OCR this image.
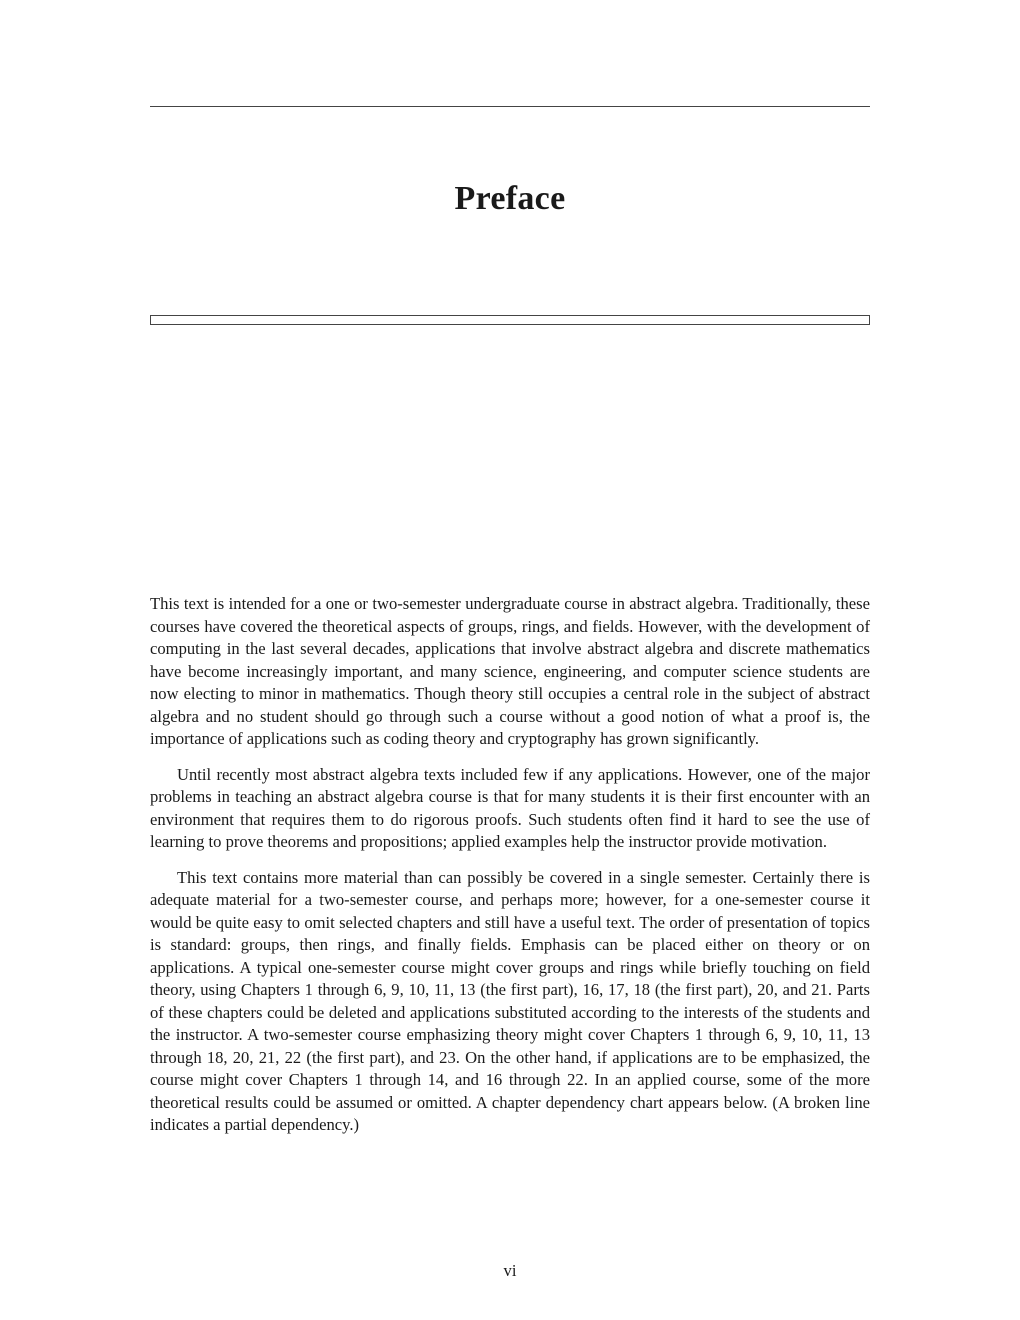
Preface

This text is intended for a one or two-semester undergraduate course in abstract algebra. Traditionally, these courses have covered the theoretical aspects of groups, rings, and fields. However, with the development of computing in the last several decades, applications that involve abstract algebra and discrete mathematics have become increasingly important, and many science, engineering, and computer science students are now electing to minor in mathematics. Though theory still occupies a central role in the subject of abstract algebra and no student should go through such a course without a good notion of what a proof is, the importance of applications such as coding theory and cryptography has grown significantly.

Until recently most abstract algebra texts included few if any applications. However, one of the major problems in teaching an abstract algebra course is that for many students it is their first encounter with an environment that requires them to do rigorous proofs. Such students often find it hard to see the use of learning to prove theorems and propositions; applied examples help the instructor provide motivation.

This text contains more material than can possibly be covered in a single semester. Certainly there is adequate material for a two-semester course, and perhaps more; however, for a one-semester course it would be quite easy to omit selected chapters and still have a useful text. The order of presentation of topics is standard: groups, then rings, and finally fields. Emphasis can be placed either on theory or on applications. A typical one-semester course might cover groups and rings while briefly touching on field theory, using Chapters 1 through 6, 9, 10, 11, 13 (the first part), 16, 17, 18 (the first part), 20, and 21. Parts of these chapters could be deleted and applications substituted according to the interests of the students and the instructor. A two-semester course emphasizing theory might cover Chapters 1 through 6, 9, 10, 11, 13 through 18, 20, 21, 22 (the first part), and 23. On the other hand, if applications are to be emphasized, the course might cover Chapters 1 through 14, and 16 through 22. In an applied course, some of the more theoretical results could be assumed or omitted. A chapter dependency chart appears below. (A broken line indicates a partial dependency.)

vi
